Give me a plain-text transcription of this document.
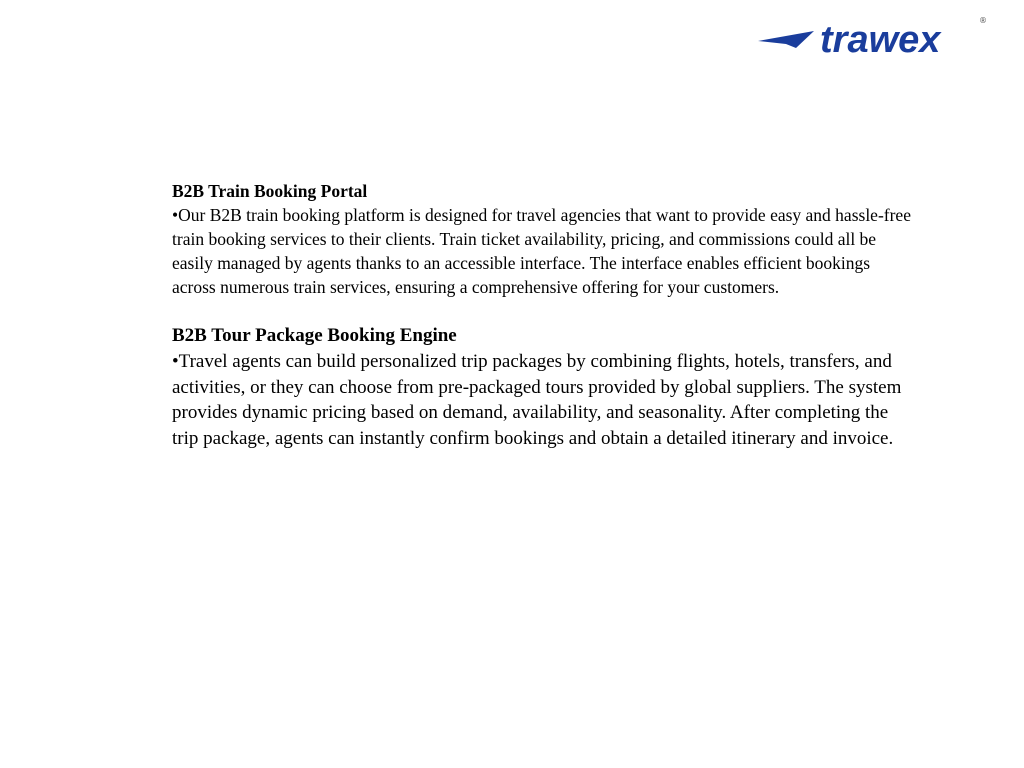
trawex	®

B2B Train Booking Portal

•Our B2B train booking platform is designed for travel agencies that want to provide easy and hassle-free train booking services to their clients. Train ticket availability, pricing, and commissions could all be easily managed by agents thanks to an accessible interface. The interface enables efficient bookings across numerous train services, ensuring a comprehensive offering for your customers.

B2B Tour Package Booking Engine

•Travel agents can build personalized trip packages by combining flights, hotels, transfers, and activities, or they can choose from pre-packaged tours provided by global suppliers. The system provides dynamic pricing based on demand, availability, and seasonality. After completing the trip package, agents can instantly confirm bookings and obtain a detailed itinerary and invoice.
